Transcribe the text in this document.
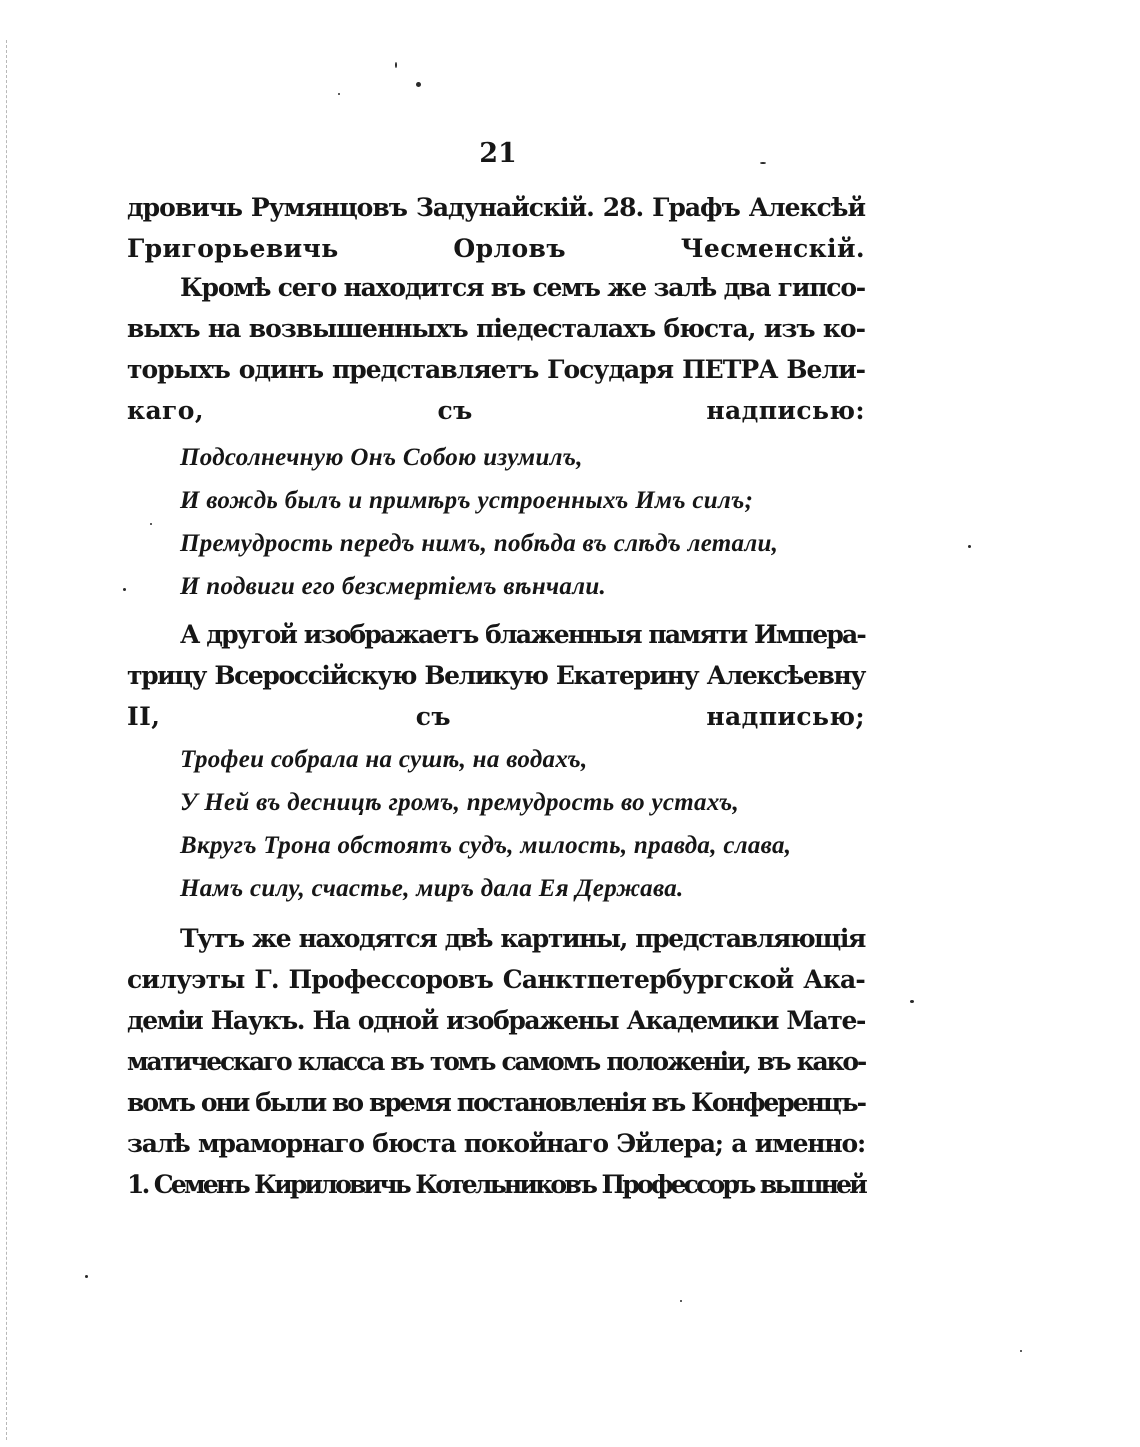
21
дровичь Румянцовъ Задунайскій. 28. Графъ Алексѣй
Григорьевичь Орловъ Чесменскій.
Кромѣ сего находится въ семъ же залѣ два гипсо-
выхъ на возвышенныхъ піедесталахъ бюста, изъ ко-
торыхъ одинъ представляетъ Государя ПЕТРА Вели-
каго, съ надписью:
Подсолнечную Онъ Собою изумилъ,
И вождь былъ и примѣръ устроенныхъ Имъ силъ;
Премудрость передъ нимъ, побѣда въ слѣдъ летали,
И подвиги его безсмертіемъ вѣнчали.
А другой изображаетъ блаженныя памяти Импера-
трицу Всероссійскую Великую Екатерину Алексѣевну
II, съ надписью;
Трофеи собрала на сушѣ, на водахъ,
У Ней въ десницѣ громъ, премудрость во устахъ,
Вкругъ Трона обстоятъ судъ, милость, правда, слава,
Намъ силу, счастье, миръ дала Ея Держава.
Тутъ же находятся двѣ картины, представляющія
силуэты Г. Профессоровъ Санктпетербургской Ака-
деміи Наукъ. На одной изображены Академики Мате-
матическаго класса въ томъ самомъ положеніи, въ како-
вомъ они были во время постановленія въ Конференцъ-
залѣ мраморнаго бюста покойнаго Эйлера; а именно:
1. Семенъ Кириловичь Котельниковъ Профессоръ вышней
